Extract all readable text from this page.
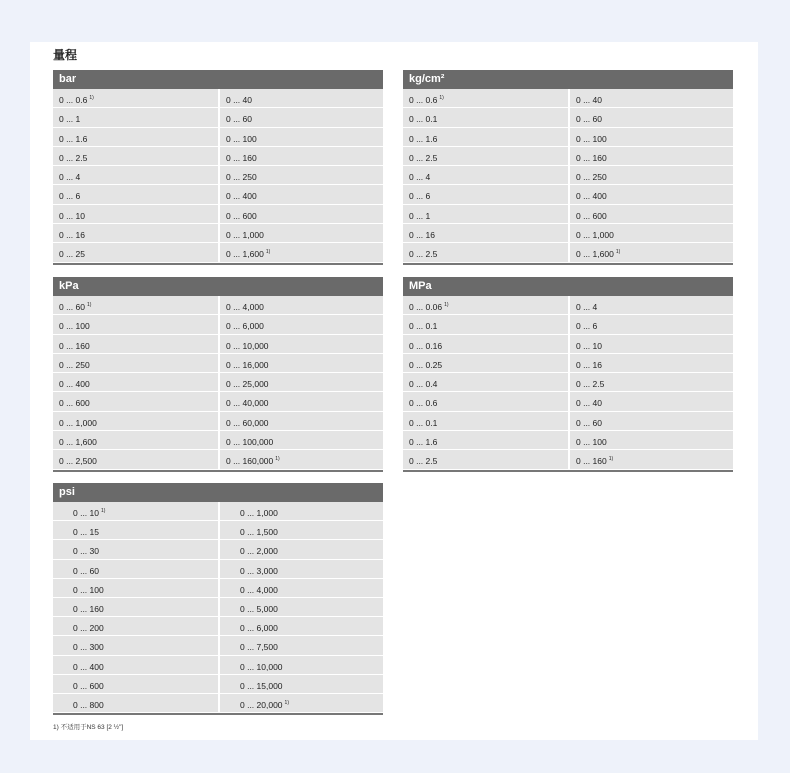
量程
bar
0 ... 0.6 $^{1)}$	0 ... 40
0 ... 1	0 ... 60
0 ... 1.6	0 ... 100
0 ... 2.5	0 ... 160
0 ... 4	0 ... 250
0 ... 6	0 ... 400
0 ... 10	0 ... 600
0 ... 16	0 ... 1,000
0 ... 25	0 ... 1,600 $^{1)}$
kg/cm²
0 ... 0.6 $^{1)}$	0 ... 40
0 ... 0.1	0 ... 60
0 ... 1.6	0 ... 100
0 ... 2.5	0 ... 160
0 ... 4	0 ... 250
0 ... 6	0 ... 400
0 ... 1	0 ... 600
0 ... 16	0 ... 1,000
0 ... 2.5	0 ... 1,600 $^{1)}$
kPa
0 ... 60 $^{1)}$	0 ... 4,000
0 ... 100	0 ... 6,000
0 ... 160	0 ... 10,000
0 ... 250	0 ... 16,000
0 ... 400	0 ... 25,000
0 ... 600	0 ... 40,000
0 ... 1,000	0 ... 60,000
0 ... 1,600	0 ... 100,000
0 ... 2,500	0 ... 160,000 $^{1)}$
MPa
0 ... 0.06 $^{1)}$	0 ... 4
0 ... 0.1	0 ... 6
0 ... 0.16	0 ... 10
0 ... 0.25	0 ... 16
0 ... 0.4	0 ... 2.5
0 ... 0.6	0 ... 40
0 ... 0.1	0 ... 60
0 ... 1.6	0 ... 100
0 ... 2.5	0 ... 160 $^{1)}$
psi
0 ... 10 $^{1)}$	0 ... 1,000
0 ... 15	0 ... 1,500
0 ... 30	0 ... 2,000
0 ... 60	0 ... 3,000
0 ... 100	0 ... 4,000
0 ... 160	0 ... 5,000
0 ... 200	0 ... 6,000
0 ... 300	0 ... 7,500
0 ... 400	0 ... 10,000
0 ... 600	0 ... 15,000
0 ... 800	0 ... 20,000 $^{1)}$
1) 不适用于NS 63 [2 ½"]
